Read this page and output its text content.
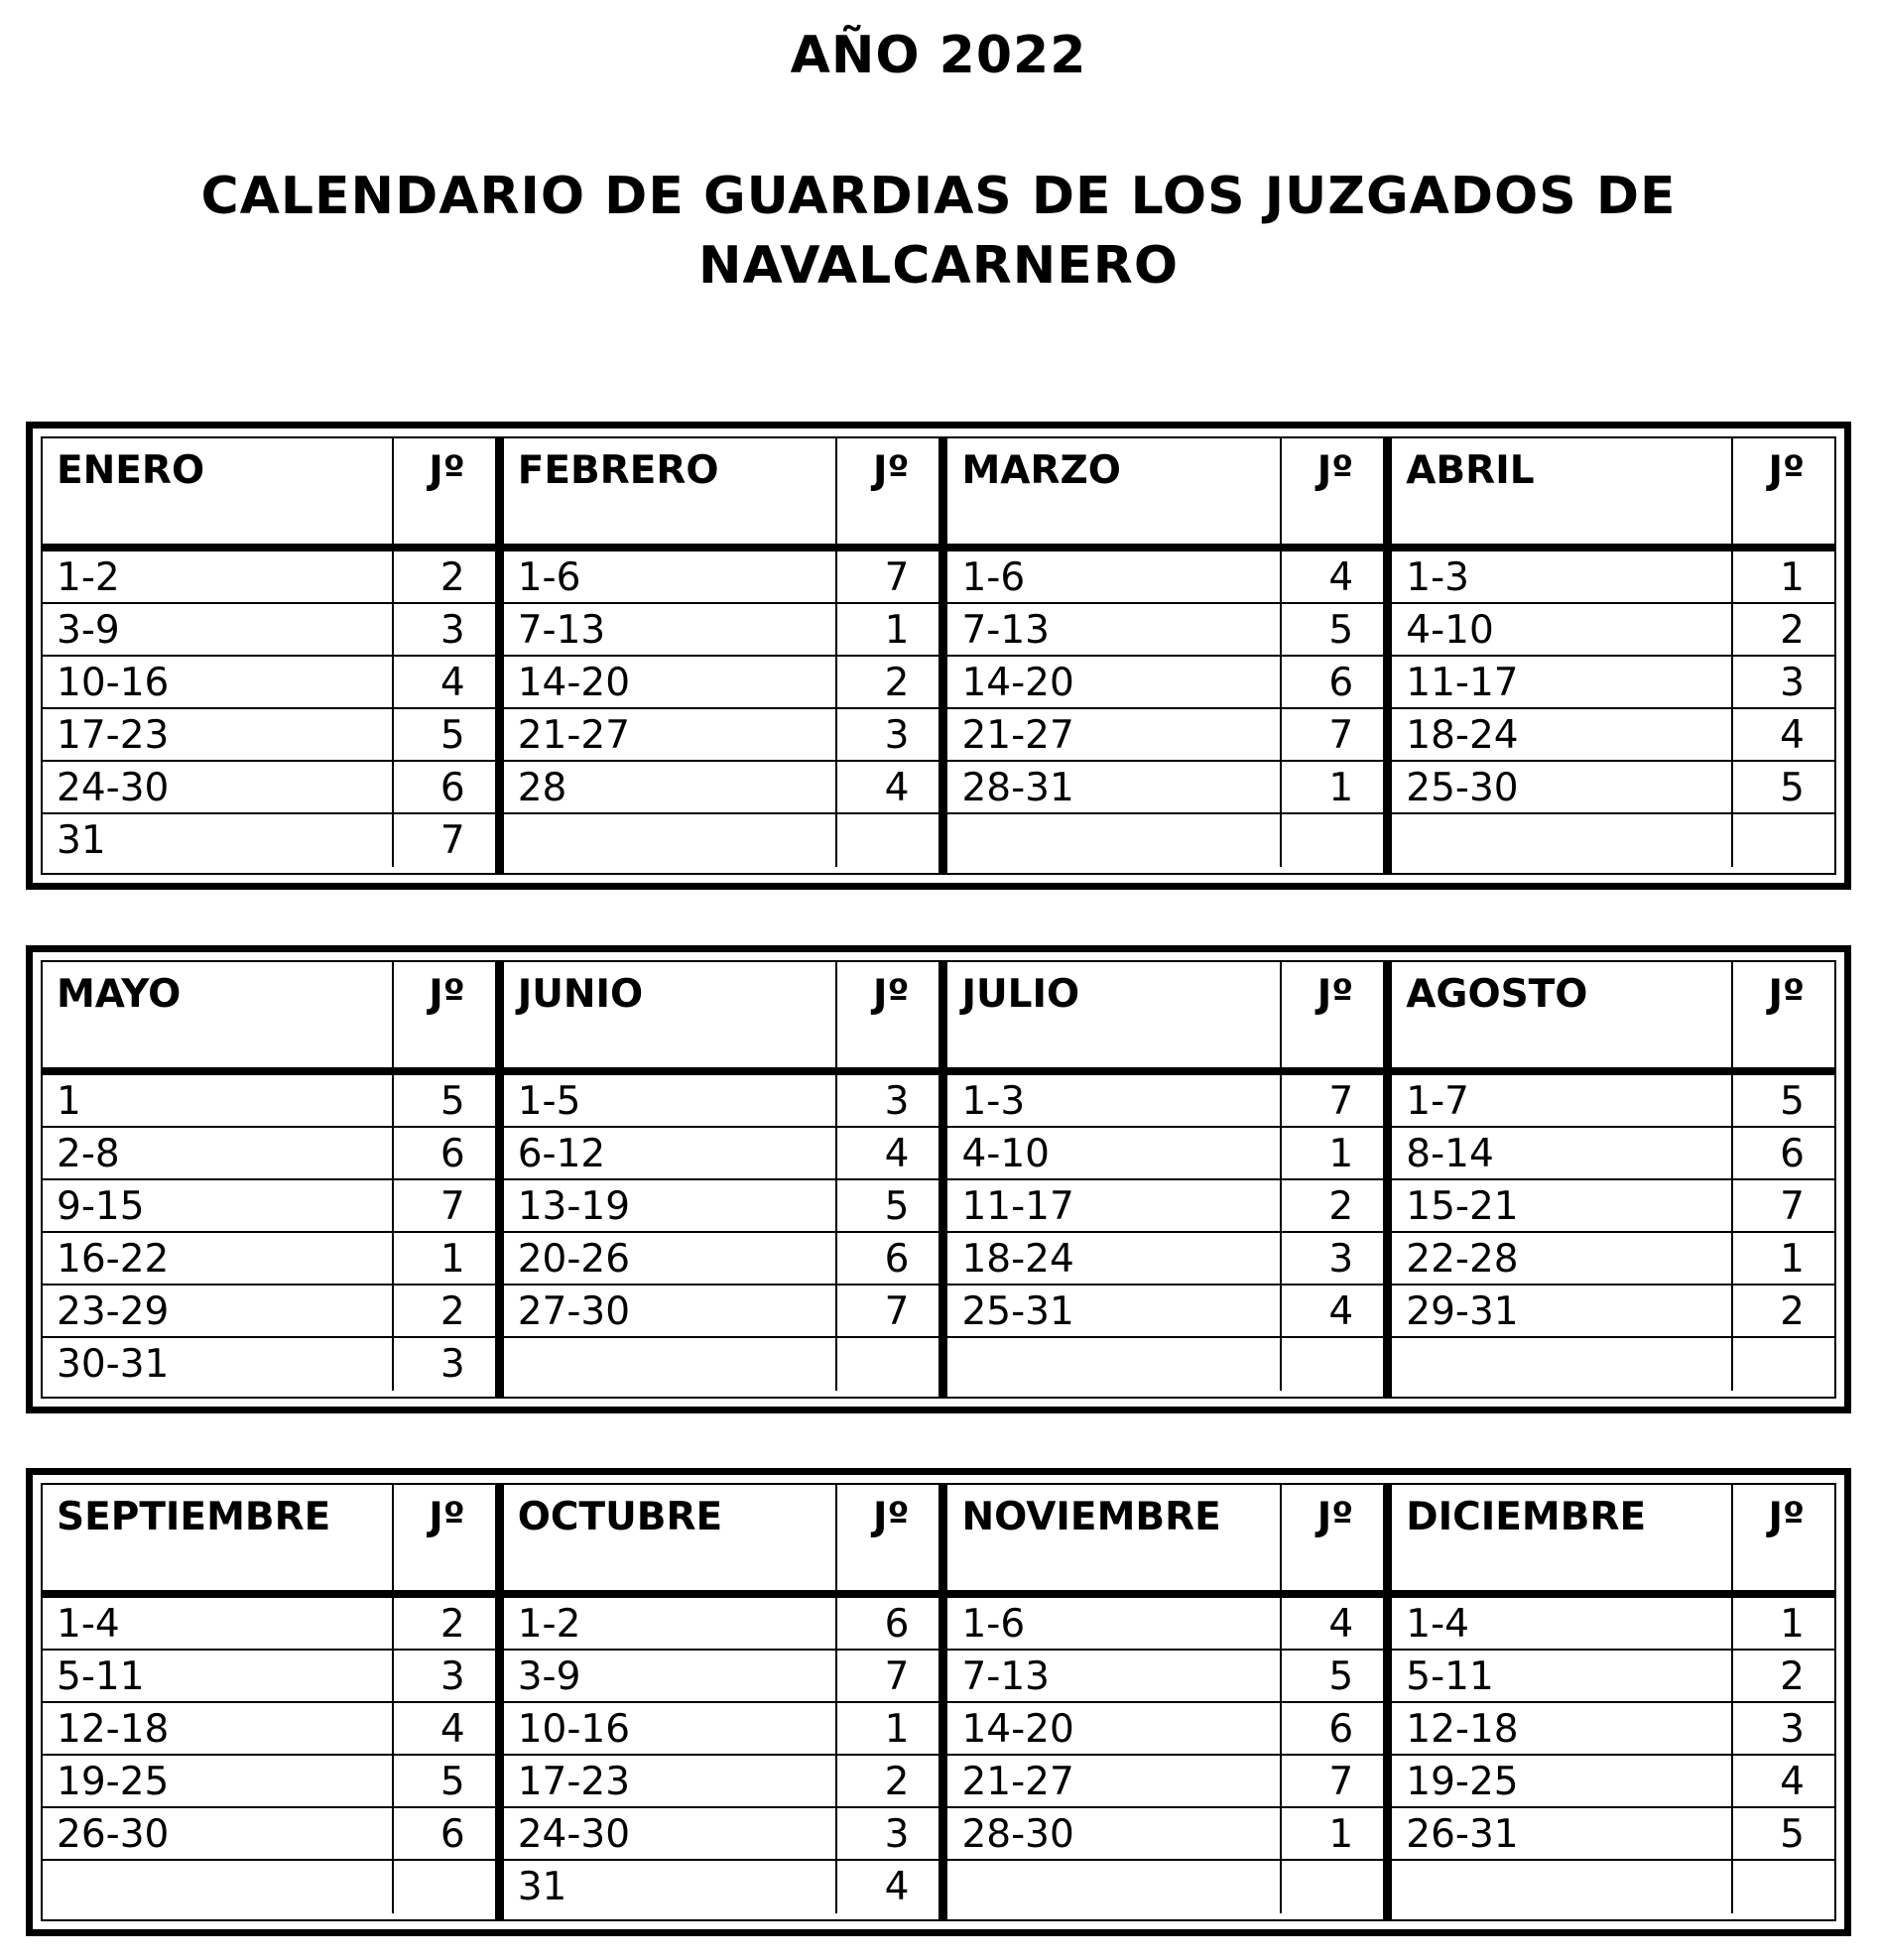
AÑO 2022
CALENDARIO DE GUARDIAS DE LOS JUZGADOS DE
NAVALCARNERO
ENERO	Jº
1-2	2
3-9	3
10-16	4
17-23	5
24-30	6
31	7
FEBRERO	Jº
1-6	7
7-13	1
14-20	2
21-27	3
28	4
MARZO	Jº
1-6	4
7-13	5
14-20	6
21-27	7
28-31	1
ABRIL	Jº
1-3	1
4-10	2
11-17	3
18-24	4
25-30	5
MAYO	Jº
1	5
2-8	6
9-15	7
16-22	1
23-29	2
30-31	3
JUNIO	Jº
1-5	3
6-12	4
13-19	5
20-26	6
27-30	7
JULIO	Jº
1-3	7
4-10	1
11-17	2
18-24	3
25-31	4
AGOSTO	Jº
1-7	5
8-14	6
15-21	7
22-28	1
29-31	2
SEPTIEMBRE	Jº
1-4	2
5-11	3
12-18	4
19-25	5
26-30	6
OCTUBRE	Jº
1-2	6
3-9	7
10-16	1
17-23	2
24-30	3
31	4
NOVIEMBRE	Jº
1-6	4
7-13	5
14-20	6
21-27	7
28-30	1
DICIEMBRE	Jº
1-4	1
5-11	2
12-18	3
19-25	4
26-31	5
